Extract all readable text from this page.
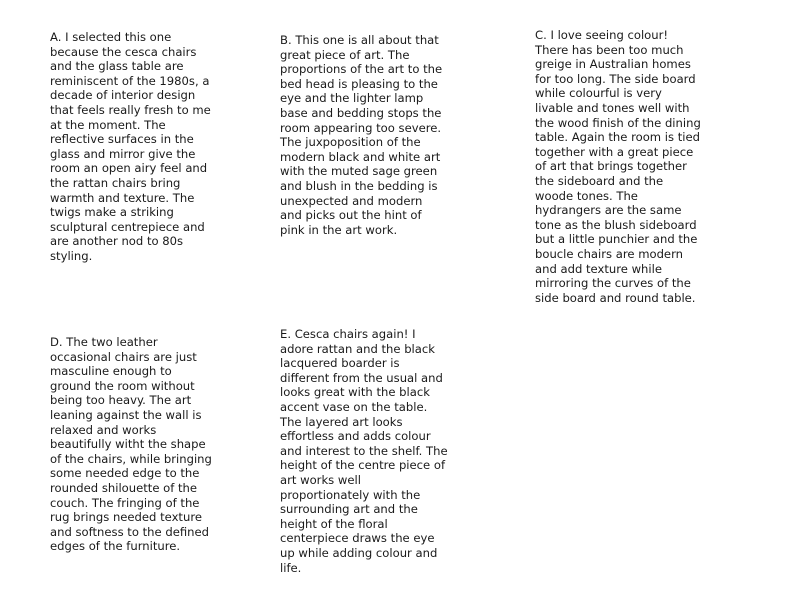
A. I selected this one
because the cesca chairs
and the glass table are
reminiscent of the 1980s, a
decade of interior design
that feels really fresh to me
at the moment. The
reflective surfaces in the
glass and mirror give the
room an open airy feel and
the rattan chairs bring
warmth and texture. The
twigs make a striking
sculptural centrepiece and
are another nod to 80s
styling.

B. This one is all about that
great piece of art. The
proportions of the art to the
bed head is pleasing to the
eye and the lighter lamp
base and bedding stops the
room appearing too severe.
The juxpoposition of the
modern black and white art
with the muted sage green
and blush in the bedding is
unexpected and modern
and picks out the hint of
pink in the art work.

C. I love seeing colour!
There has been too much
greige in Australian homes
for too long. The side board
while colourful is very
livable and tones well with
the wood finish of the dining
table. Again the room is tied
together with a great piece
of art that brings together
the sideboard and the
woode tones. The
hydrangers are the same
tone as the blush sideboard
but a little punchier and the
boucle chairs are modern
and add texture while
mirroring the curves of the
side board and round table.

D. The two leather
occasional chairs are just
masculine enough to
ground the room without
being too heavy. The art
leaning against the wall is
relaxed and works
beautifully witht the shape
of the chairs, while bringing
some needed edge to the
rounded shilouette of the
couch. The fringing of the
rug brings needed texture
and softness to the defined
edges of the furniture.

E. Cesca chairs again! I
adore rattan and the black
lacquered boarder is
different from the usual and
looks great with the black
accent vase on the table.
The layered art looks
effortless and adds colour
and interest to the shelf. The
height of the centre piece of
art works well
proportionately with the
surrounding art and the
height of the floral
centerpiece draws the eye
up while adding colour and
life.
